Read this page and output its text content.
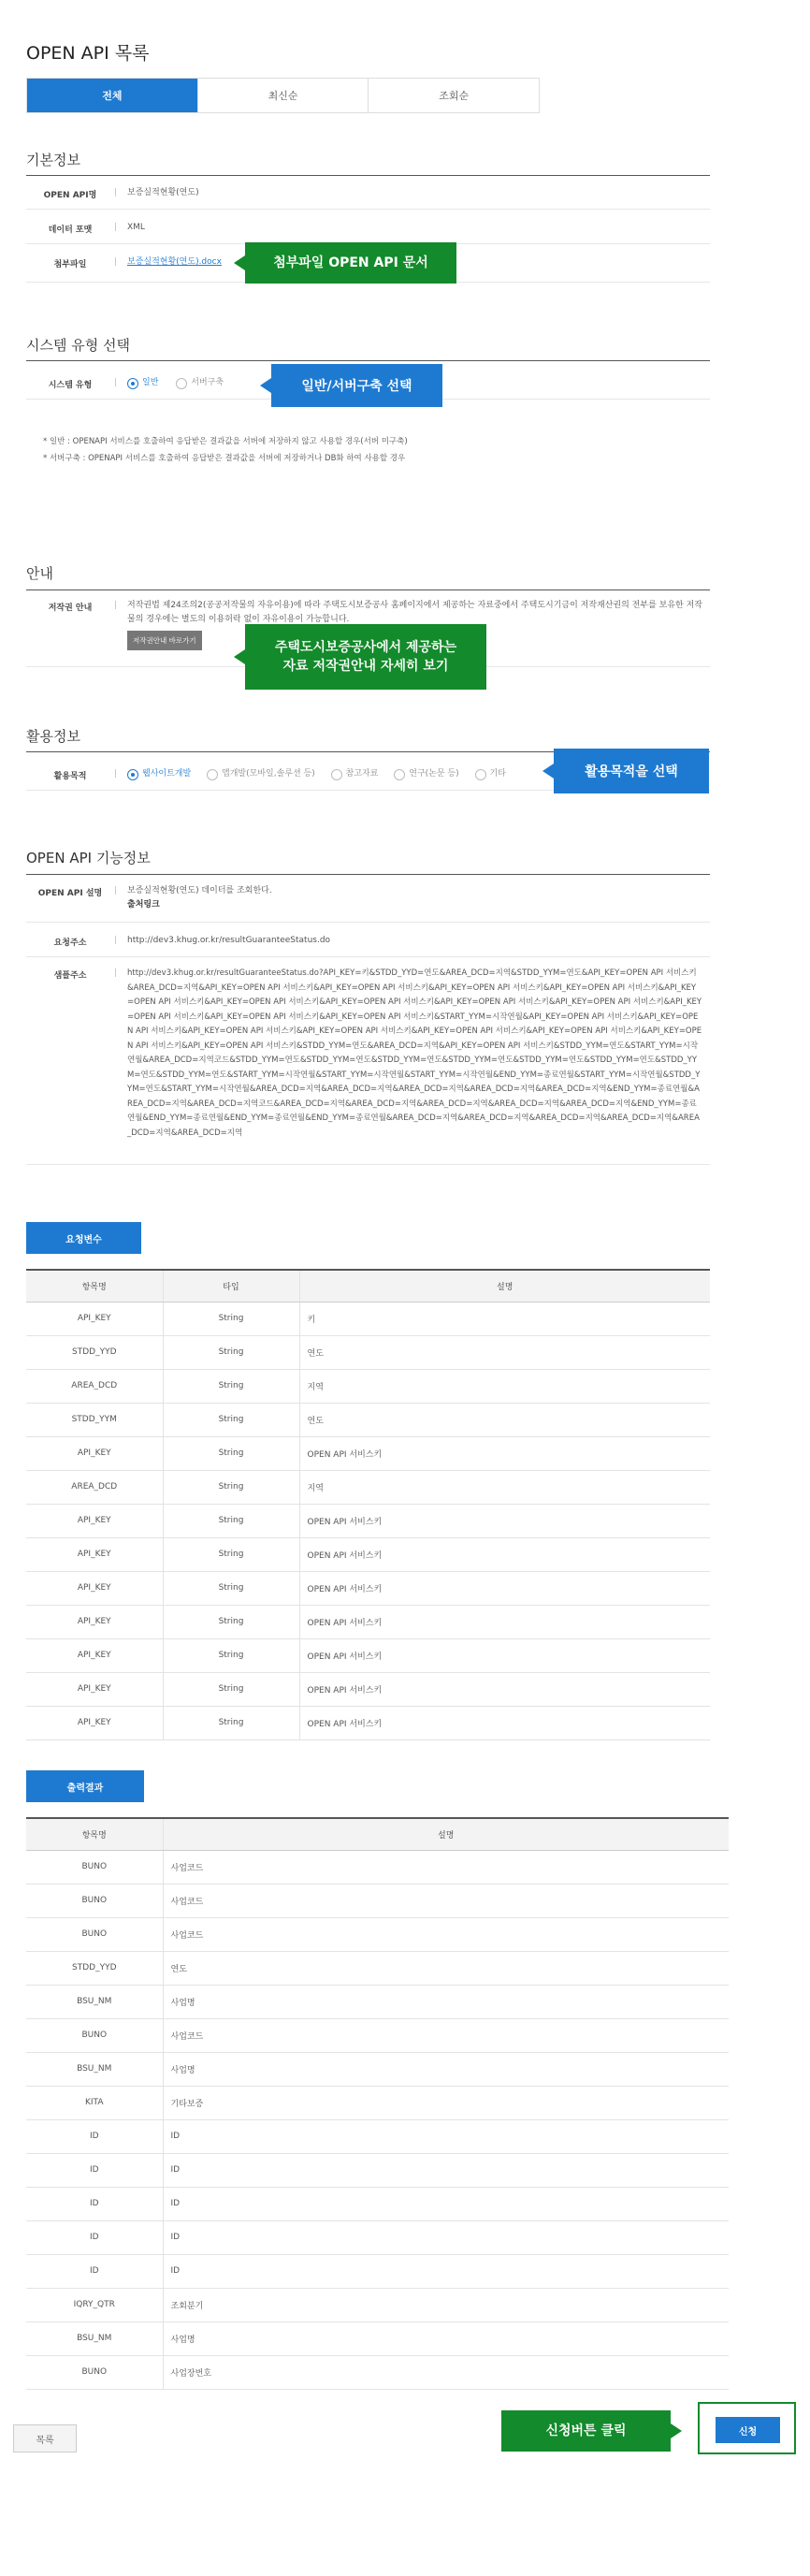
OPEN API 목록
전체	최신순	조회순
기본정보
OPEN API명	|	보증실적현황(연도)
데이터 포맷	|	XML
첨부파일	|	보증실적현황(연도).docx	첨부파일 OPEN API 문서
시스템 유형 선택
시스템 유형	|	일반
	서버구축	일반/서버구축 선택
* 일반 : OPENAPI 서비스를 호출하여 응답받은 결과값을 서버에 저장하지 않고 사용할 경우(서버 미구축)
* 서버구축 : OPENAPI 서비스를 호출하여 응답받은 결과값을 서버에 저장하거나 DB화 하여 사용할 경우
안내
저작권 안내	|	저작권법 제24조의2(공공저작물의 자유이용)에 따라 주택도시보증공사 홈페이지에서 제공하는 자료중에서 주택도시기금이 저작재산권의 전부를 보유한 저작물의 경우에는 별도의 이용허락 없이 자유이용이 가능합니다.
저작권안내 바로가기	주택도시보증공사에서 제공하는
자료 저작권안내 자세히 보기
활용정보
활용목적	|	웹사이트개발
	앱개발(모바일,솔루션 등)
	참고자료
	연구(논문 등)
	기타	활용목적을 선택
OPEN API 기능정보
OPEN API 설명	|	보증실적현황(연도) 데이터를 조회한다.
출처링크
요청주소	|	http://dev3.khug.or.kr/resultGuaranteeStatus.do
샘플주소	|	http://dev3.khug.or.kr/resultGuaranteeStatus.do?API_KEY=키&STDD_YYD=연도&AREA_DCD=지역&STDD_YYM=연도&API_KEY=OPEN API 서비스키&AREA_DCD=지역&API_KEY=OPEN API 서비스키&API_KEY=OPEN API 서비스키&API_KEY=OPEN API 서비스키&API_KEY=OPEN API 서비스키&API_KEY=OPEN API 서비스키&API_KEY=OPEN API 서비스키&API_KEY=OPEN API 서비스키&API_KEY=OPEN API 서비스키&API_KEY=OPEN API 서비스키&API_KEY=OPEN API 서비스키&API_KEY=OPEN API 서비스키&API_KEY=OPEN API 서비스키&START_YYM=시작연월&API_KEY=OPEN API 서비스키&API_KEY=OPEN API 서비스키&API_KEY=OPEN API 서비스키&API_KEY=OPEN API 서비스키&API_KEY=OPEN API 서비스키&API_KEY=OPEN API 서비스키&API_KEY=OPEN API 서비스키&API_KEY=OPEN API 서비스키&STDD_YYM=연도&AREA_DCD=지역&API_KEY=OPEN API 서비스키&STDD_YYM=연도&START_YYM=시작연월&AREA_DCD=지역코드&STDD_YYM=연도&STDD_YYM=연도&STDD_YYM=연도&STDD_YYM=연도&STDD_YYM=연도&STDD_YYM=연도&STDD_YYM=연도&STDD_YYM=연도&START_YYM=시작연월&START_YYM=시작연월&START_YYM=시작연월&END_YYM=종료연월&START_YYM=시작연월&STDD_YYM=연도&START_YYM=시작연월&AREA_DCD=지역&AREA_DCD=지역&AREA_DCD=지역&AREA_DCD=지역&AREA_DCD=지역&END_YYM=종료연월&AREA_DCD=지역&AREA_DCD=지역코드&AREA_DCD=지역&AREA_DCD=지역&AREA_DCD=지역&AREA_DCD=지역&AREA_DCD=지역&END_YYM=종료연월&END_YYM=종료연월&END_YYM=종료연월&END_YYM=종료연월&AREA_DCD=지역&AREA_DCD=지역&AREA_DCD=지역&AREA_DCD=지역&AREA_DCD=지역&AREA_DCD=지역
요청변수
항목명	타입	설명
API_KEY	String	키
STDD_YYD	String	연도
AREA_DCD	String	지역
STDD_YYM	String	연도
API_KEY	String	OPEN API 서비스키
AREA_DCD	String	지역
API_KEY	String	OPEN API 서비스키
API_KEY	String	OPEN API 서비스키
API_KEY	String	OPEN API 서비스키
API_KEY	String	OPEN API 서비스키
API_KEY	String	OPEN API 서비스키
API_KEY	String	OPEN API 서비스키
API_KEY	String	OPEN API 서비스키
출력결과
항목명	설명
BUNO	사업코드
BUNO	사업코드
BUNO	사업코드
STDD_YYD	연도
BSU_NM	사업명
BUNO	사업코드
BSU_NM	사업명
KITA	기타보증
ID	ID
ID	ID
ID	ID
ID	ID
ID	ID
IQRY_QTR	조회분기
BSU_NM	사업명
BUNO	사업장번호
목록
신청버튼 클릭	신청
